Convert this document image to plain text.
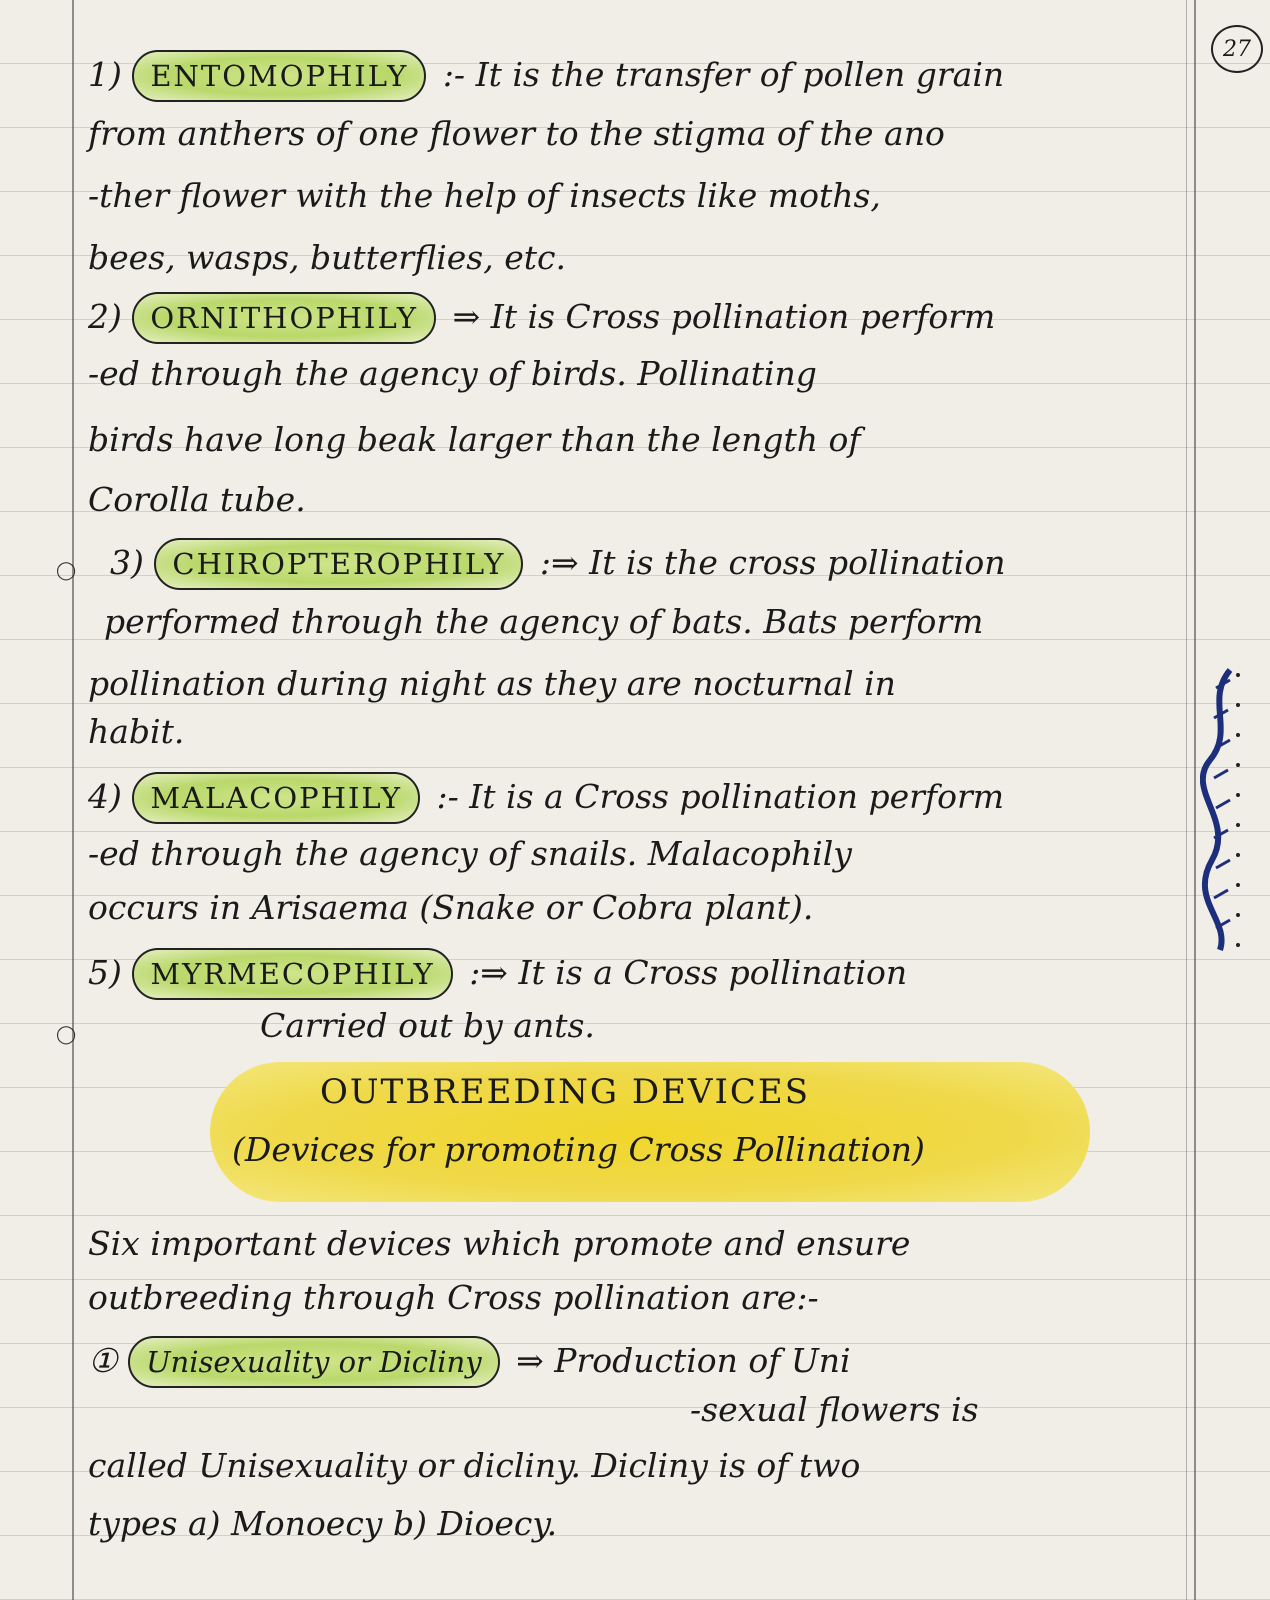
27
1) ENTOMOPHILY :- It is the transfer of pollen grain
from anthers of one flower to the stigma of the ano
-ther flower with the help of insects like moths,
bees, wasps, butterflies, etc.
2) ORNITHOPHILY ⇒ It is Cross pollination perform
-ed through the agency of birds. Pollinating
birds have long beak larger than the length of
Corolla tube.
◯ 3) CHIROPTEROPHILY :⇒ It is the cross pollination
performed through the agency of bats. Bats perform
pollination during night as they are nocturnal in
habit.
4) MALACOPHILY :- It is a Cross pollination perform
-ed through the agency of snails. Malacophily
occurs in Arisaema (Snake or Cobra plant).
5) MYRMECOPHILY :⇒ It is a Cross pollination
◯	Carried out by ants.
OUTBREEDING DEVICES
(Devices for promoting Cross Pollination)
Six important devices which promote and ensure
outbreeding through Cross pollination are:-
① Unisexuality or Dicliny ⇒ Production of Uni
-sexual flowers is
called Unisexuality or dicliny. Dicliny is of two
types a) Monoecy b) Dioecy.
